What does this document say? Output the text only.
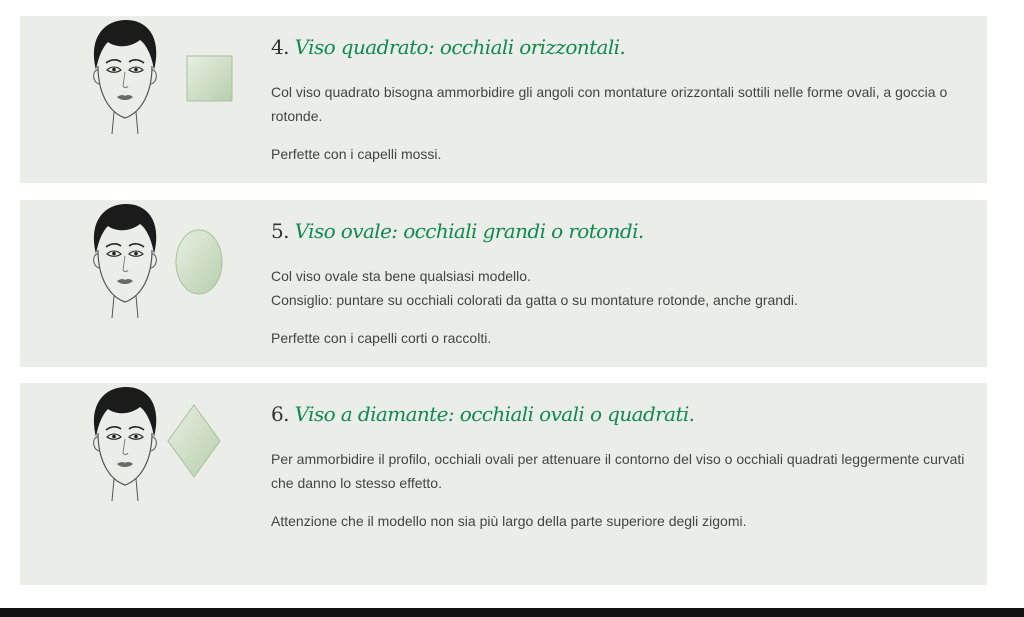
4. Viso quadrato: occhiali orizzontali.

Col viso quadrato bisogna ammorbidire gli angoli con montature orizzontali sottili nelle forme ovali, a goccia o rotonde.

Perfette con i capelli mossi.

5. Viso ovale: occhiali grandi o rotondi.

Col viso ovale sta bene qualsiasi modello.

Consiglio: puntare su occhiali colorati da gatta o su montature rotonde, anche grandi.

Perfette con i capelli corti o raccolti.

6. Viso a diamante: occhiali ovali o quadrati.

Per ammorbidire il profilo, occhiali ovali per attenuare il contorno del viso o occhiali quadrati leggermente curvati che danno lo stesso effetto.

Attenzione che il modello non sia più largo della parte superiore degli zigomi.
